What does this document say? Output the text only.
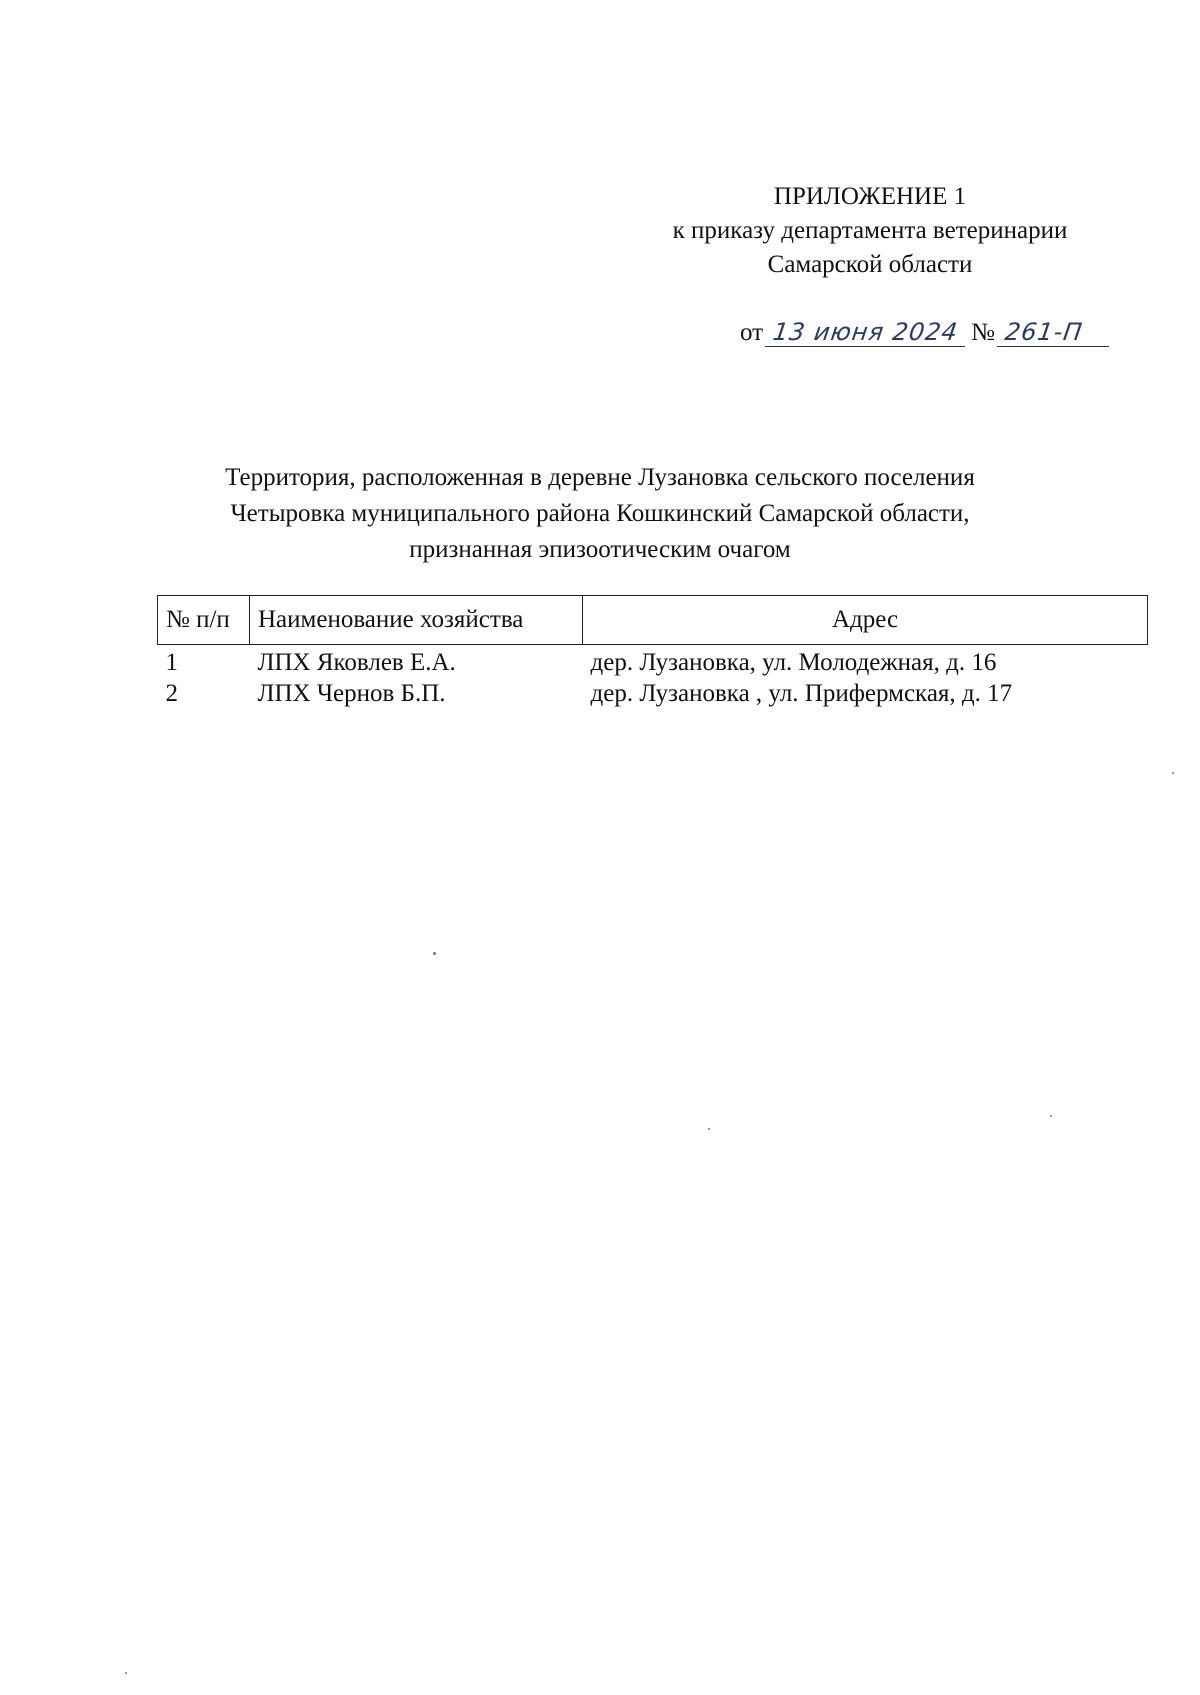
ПРИЛОЖЕНИЕ 1
к приказу департамента ветеринарии
Самарской области
от 13 июня 2024 № 261-П
Территория, расположенная в деревне Лузановка сельского поселения
Четыровка муниципального района Кошкинский Самарской области,
признанная эпизоотическим очагом
№ п/п	Наименование хозяйства	Адрес
1	ЛПХ Яковлев Е.А.	дер. Лузановка, ул. Молодежная, д. 16
2	ЛПХ Чернов Б.П.	дер. Лузановка , ул. Прифермская, д. 17
